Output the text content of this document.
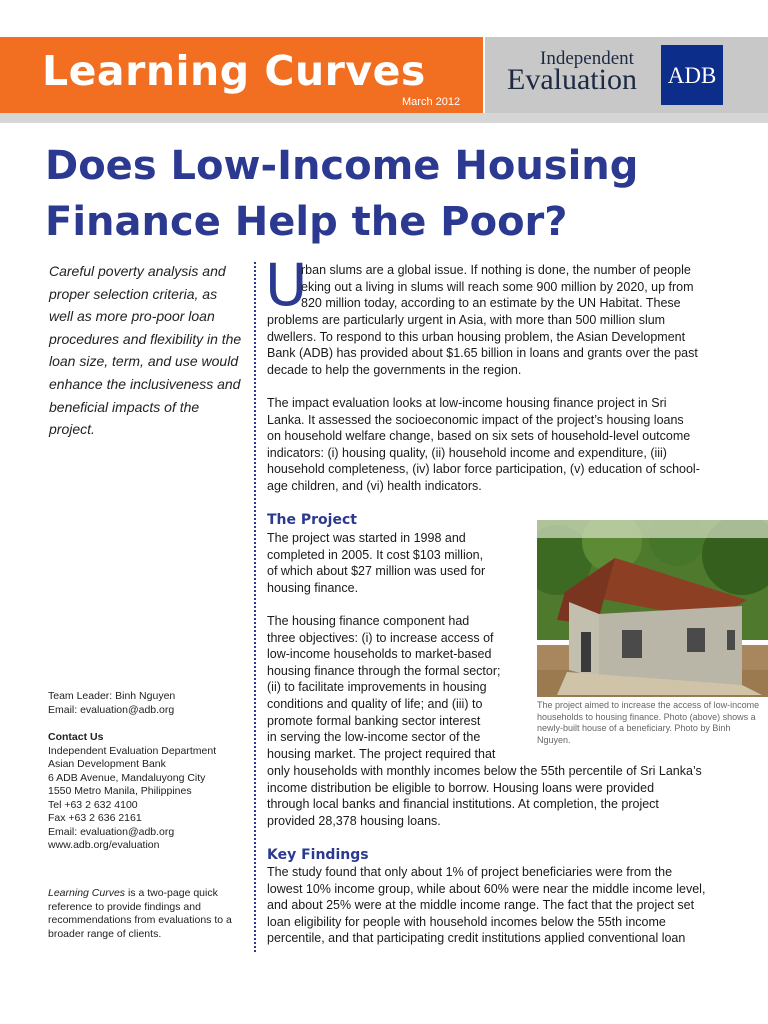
Learning Curves
March 2012
Independent
Evaluation ADB
Does Low-Income Housing
Finance Help the Poor?
Careful poverty analysis and proper selection criteria, as well as more pro-poor loan procedures and flexibility in the loan size, term, and use would enhance the inclusiveness and beneficial impacts of the project.

Team Leader: Binh Nguyen

Email: evaluation@adb.org

Contact Us

Independent Evaluation Department
Asian Development Bank
6 ADB Avenue, Mandaluyong City
1550 Metro Manila, Philippines
Tel +63 2 632 4100
Fax +63 2 636 2161
Email: evaluation@adb.org
www.adb.org/evaluation
Learning Curves is a two-page quick reference to provide findings and recommendations from evaluations to a broader range of clients.
U
rban slums are a global issue. If nothing is done, the number of people
eking out a living in slums will reach some 900 million by 2020, up from
820 million today, according to an estimate by the UN Habitat. These
problems are particularly urgent in Asia, with more than 500 million slum
dwellers. To respond to this urban housing problem, the Asian Development
Bank (ADB) has provided about $1.65 billion in loans and grants over the past
decade to help the governments in the region.
The impact evaluation looks at low-income housing finance project in Sri
Lanka. It assessed the socioeconomic impact of the project’s housing loans
on household welfare change, based on six sets of household-level outcome
indicators: (i) housing quality, (ii) household income and expenditure, (iii)
household completeness, (iv) labor force participation, (v) education of school-
age children, and (vi) health indicators.
The Project
The project was started in 1998 and
completed in 2005. It cost $103 million,
of which about $27 million was used for
housing finance.
The housing finance component had
three objectives: (i) to increase access of
low-income households to market-based
housing finance through the formal sector;
(ii) to facilitate improvements in housing
conditions and quality of life; and (iii) to
promote formal banking sector interest
in serving the low-income sector of the
housing market. The project required that
only households with monthly incomes below the 55th percentile of Sri Lanka’s
income distribution be eligible to borrow. Housing loans were provided
through local banks and financial institutions. At completion, the project
provided 28,378 housing loans.
The project aimed to increase the access of low-income households to housing finance. Photo (above) shows a newly-built house of a beneficiary. Photo by Binh Nguyen.
Key Findings
The study found that only about 1% of project beneficiaries were from the
lowest 10% income group, while about 60% were near the middle income level,
and about 25% were at the middle income range. The fact that the project set
loan eligibility for people with household incomes below the 55th income
percentile, and that participating credit institutions applied conventional loan
